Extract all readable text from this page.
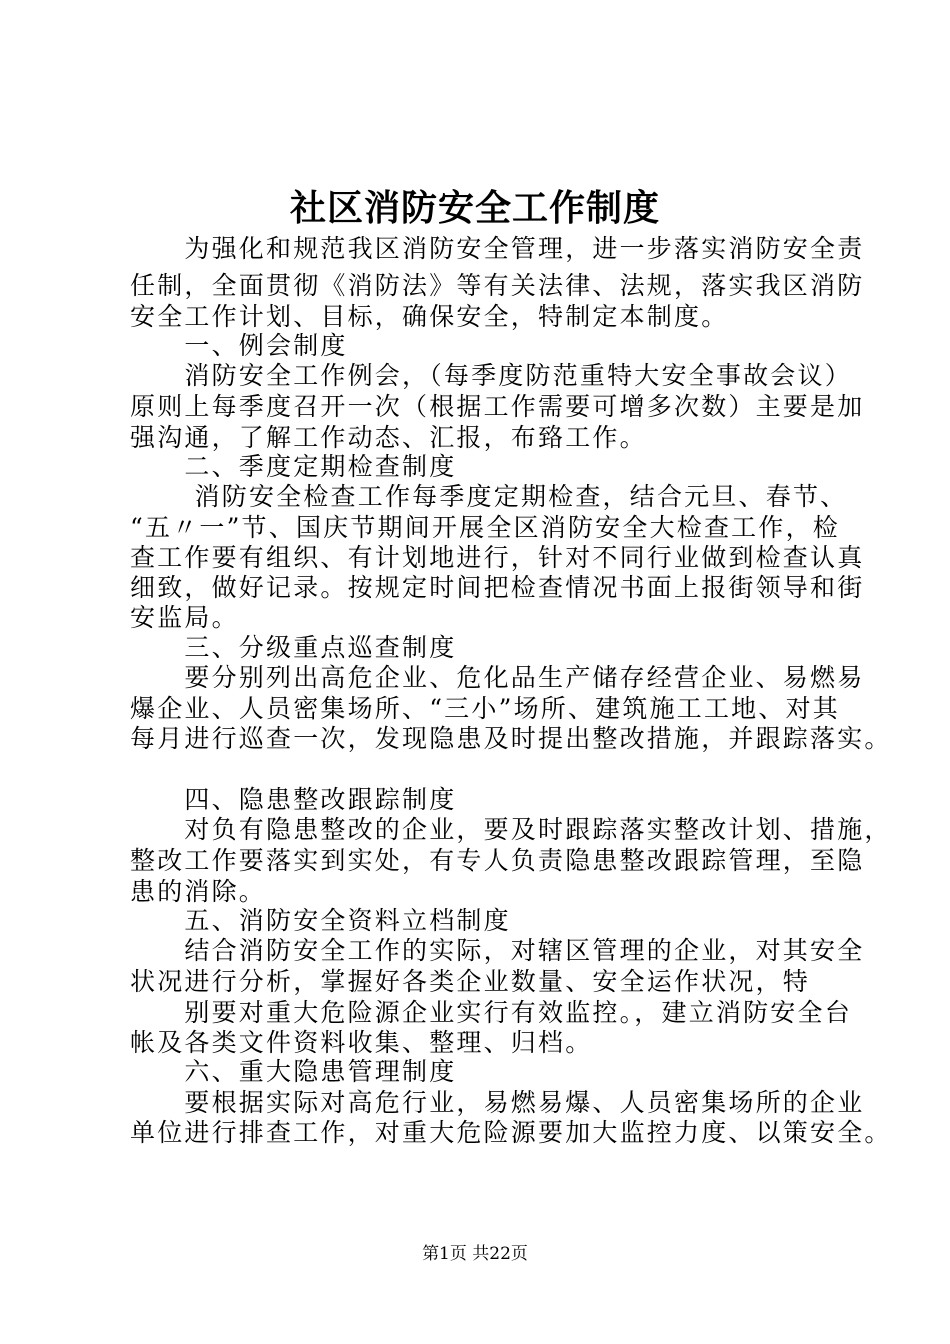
社区消防安全工作制度
　　为强化和规范我区消防安全管理，进一步落实消防安全责
任制，全面贯彻《消防法》等有关法律、法规，落实我区消防
安全工作计划、目标，确保安全，特制定本制度。
　　一、例会制度
　　消防安全工作例会，（每季度防范重特大安全事故会议）
原则上每季度召开一次（根据工作需要可增多次数）主要是加
强沟通，了解工作动态、汇报，布臵工作。
　　二、季度定期检查制度
　　 消防安全检查工作每季度定期检查，结合元旦、春节、
“五〃一”节、国庆节期间开展全区消防安全大检查工作，检
查工作要有组织、有计划地进行，针对不同行业做到检查认真
细致，做好记录。按规定时间把检查情况书面上报街领导和街
安监局。
　　三、分级重点巡查制度
　　要分别列出高危企业、危化品生产储存经营企业、易燃易
爆企业、人员密集场所、“三小”场所、建筑施工工地、对其
每月进行巡查一次，发现隐患及时提出整改措施，并跟踪落实。
　　四、隐患整改跟踪制度
　　对负有隐患整改的企业，要及时跟踪落实整改计划、措施，
整改工作要落实到实处，有专人负责隐患整改跟踪管理，至隐
患的消除。
　　五、消防安全资料立档制度
　　结合消防安全工作的实际，对辖区管理的企业，对其安全
状况进行分析，掌握好各类企业数量、安全运作状况，特
　　别要对重大危险源企业实行有效监控。，建立消防安全台
帐及各类文件资料收集、整理、归档。
　　六、重大隐患管理制度
　　要根据实际对高危行业，易燃易爆、人员密集场所的企业
单位进行排查工作，对重大危险源要加大监控力度、以策安全。
第1页 共22页
